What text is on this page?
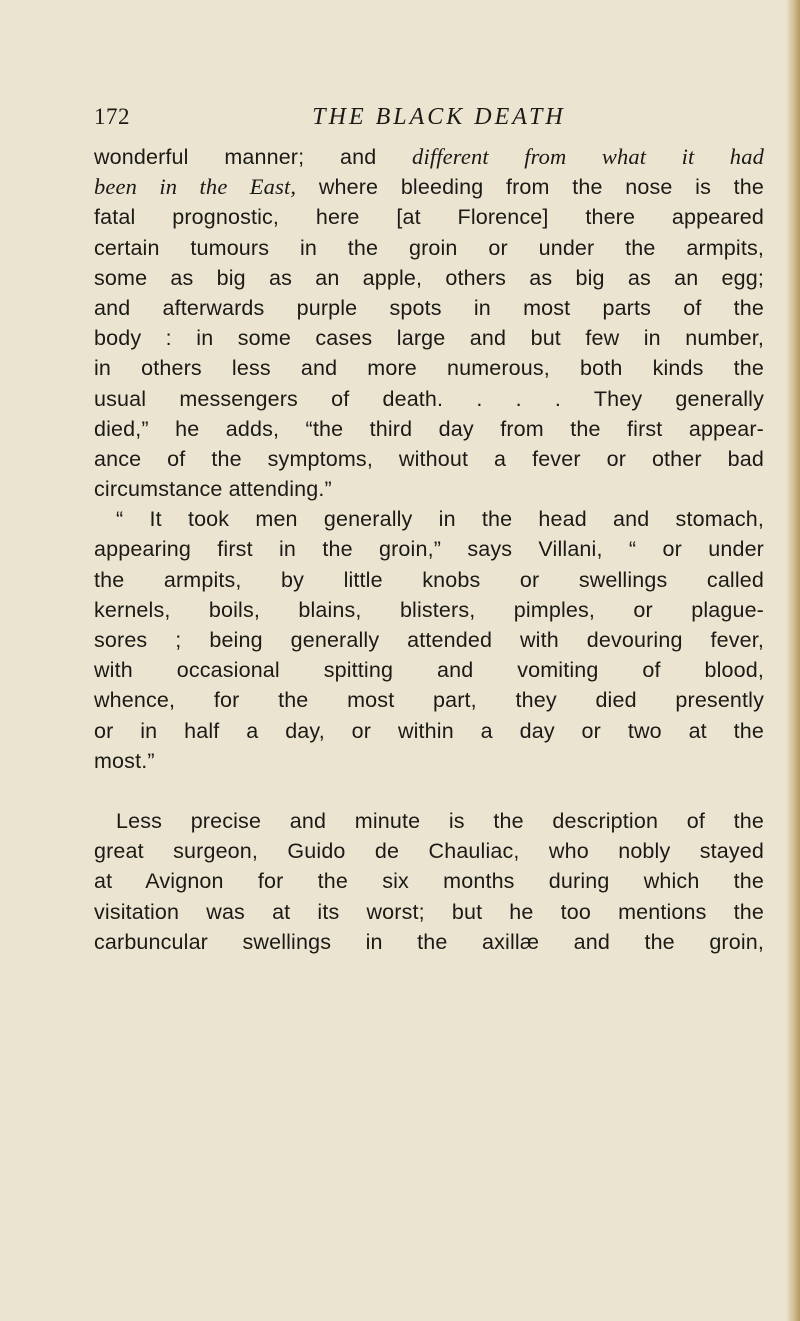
172	THE BLACK DEATH
wonderful manner; and different from what it had
been in the East, where bleeding from the nose is the
fatal prognostic, here [at Florence] there appeared
certain tumours in the groin or under the armpits,
some as big as an apple, others as big as an egg;
and afterwards purple spots in most parts of the
body : in some cases large and but few in number,
in others less and more numerous, both kinds the
usual messengers of death. . . . They generally
died,” he adds, “the third day from the first appear-
ance of the symptoms, without a fever or other bad
circumstance attending.”
“ It took men generally in the head and stomach,
appearing first in the groin,” says Villani, “ or under
the armpits, by little knobs or swellings called
kernels, boils, blains, blisters, pimples, or plague-
sores ; being generally attended with devouring fever,
with occasional spitting and vomiting of blood,
whence, for the most part, they died presently
or in half a day, or within a day or two at the
most.”
Less precise and minute is the description of the
great surgeon, Guido de Chauliac, who nobly stayed
at Avignon for the six months during which the
visitation was at its worst; but he too mentions the
carbuncular swellings in the axillæ and the groin,
